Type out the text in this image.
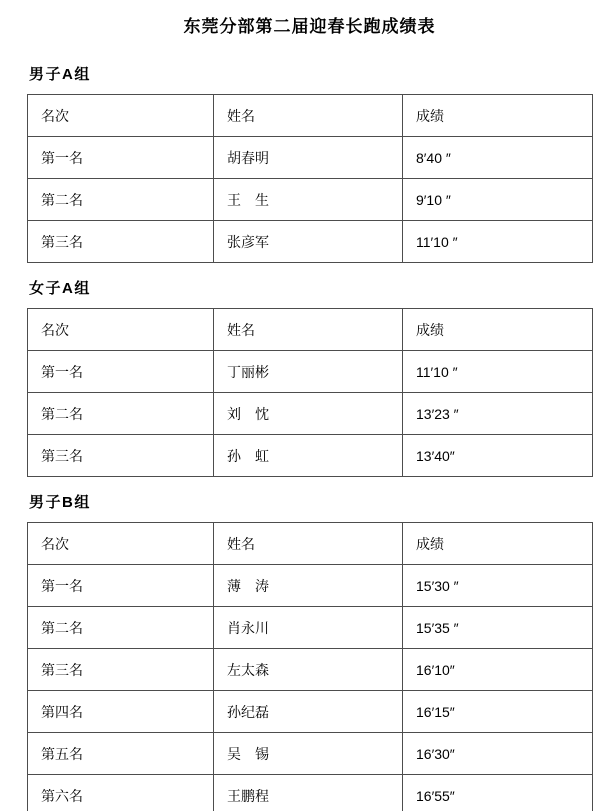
东莞分部第二届迎春长跑成绩表
男子A组
名次	姓名	成绩
第一名	胡春明	8′40 ″
第二名	王　生	9′10 ″
第三名	张彦军	11′10 ″
女子A组
名次	姓名	成绩
第一名	丁丽彬	11′10 ″
第二名	刘　忱	13′23 ″
第三名	孙　虹	13′40″
男子B组
名次	姓名	成绩
第一名	薄　涛	15′30 ″
第二名	肖永川	15′35 ″
第三名	左太森	16′10″
第四名	孙纪磊	16′15″
第五名	吴　锡	16′30″
第六名	王鹏程	16′55″
